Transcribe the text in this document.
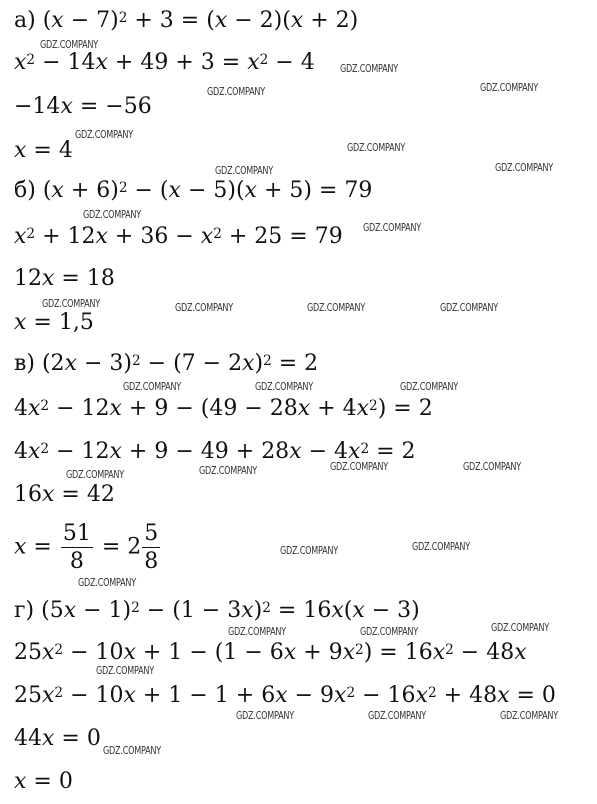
а) $(x - 7)^2 + 3 = (x - 2)(x + 2)$
$x^2 - 14x + 49 + 3 = x^2 - 4$
−14x = −56
x = 4
б) $(x + 6)^2 - (x - 5)(x + 5) = 79$
$x^2 + 12x + 36 - x^2 + 25 = 79$
12x = 18
x = 1,5
в) $(2x - 3)^2 - (7 - 2x)^2 = 2$
$4x^2 - 12x + 9 - (49 - 28x + 4x^2) = 2$
$4x^2 - 12x + 9 - 49 + 28x - 4x^2 = 2$
16x = 42
$x = \frac{51}{8} = 2 \frac{5}{8}$
г) $(5x - 1)^2 - (1 - 3x)^2 = 16x(x - 3)$
$25x^2 - 10x + 1 - (1 - 6x + 9x^2) = 16x^2 - 48x$
$25x^2 - 10x + 1 - 1 + 6x - 9x^2 - 16x^2 + 48x = 0$
44x = 0
x = 0
GDZ.COMPANY
GDZ.COMPANY
GDZ.COMPANY	GDZ.COMPANY
GDZ.COMPANY
GDZ.COMPANY
GDZ.COMPANY	GDZ.COMPANY
GDZ.COMPANY
GDZ.COMPANY
GDZ.COMPANY	GDZ.COMPANY	GDZ.COMPANY	GDZ.COMPANY
GDZ.COMPANY	GDZ.COMPANY	GDZ.COMPANY
GDZ.COMPANY	GDZ.COMPANY	GDZ.COMPANY	GDZ.COMPANY
GDZ.COMPANY	GDZ.COMPANY
GDZ.COMPANY
GDZ.COMPANY	GDZ.COMPANY	GDZ.COMPANY
GDZ.COMPANY
GDZ.COMPANY	GDZ.COMPANY	GDZ.COMPANY
GDZ.COMPANY
